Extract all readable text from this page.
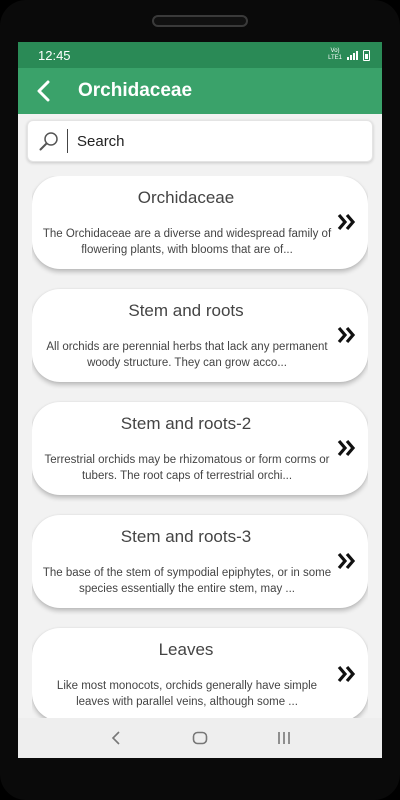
12:45	Vo)
LTE1
Orchidaceae
Search
Orchidaceae
The Orchidaceae are a diverse and widespread family of flowering plants, with blooms that are of...
Stem and roots
All orchids are perennial herbs that lack any permanent woody structure. They can grow acco...
Stem and roots-2
Terrestrial orchids may be rhizomatous or form corms or tubers. The root caps of terrestrial orchi...
Stem and roots-3
The base of the stem of sympodial epiphytes, or in some species essentially the entire stem, may ...
Leaves
Like most monocots, orchids generally have simple leaves with parallel veins, although some ...
